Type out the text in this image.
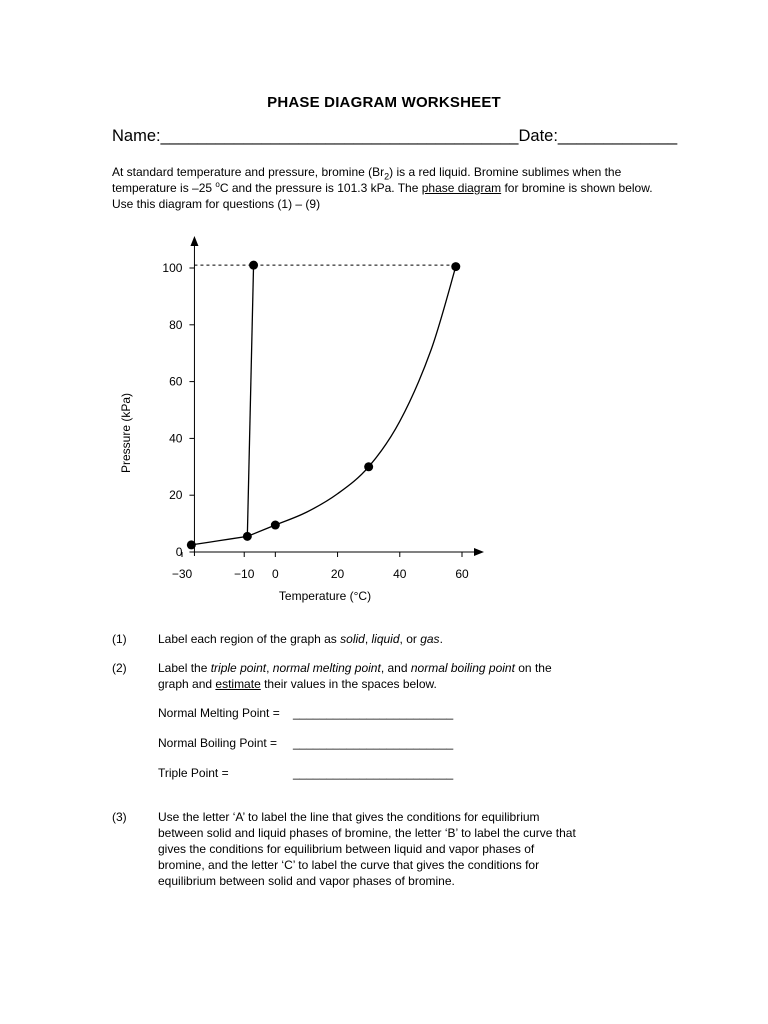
PHASE DIAGRAM WORKSHEET
Name:_______________________________________Date:_____________

At standard temperature and pressure, bromine $(Br_2)$ is a red liquid. Bromine sublimes when the temperature is –25 $^o$C and the pressure is 101.3 kPa. The phase diagram for bromine is shown below. Use this diagram for questions (1) – (9)

0
20
40
60
80
100
−30	−10 0	20	40	60
Pressure (kPa)
Temperature (°C)
(1)	Label each region of the graph as solid, liquid, or gas.
(2)	Label the triple point, normal melting point, and normal boiling point on the graph and estimate their values in the spaces below.
Normal Melting Point = ________________________
Normal Boiling Point = ________________________
Triple Point =	________________________
(3)	Use the letter ‘A’ to label the line that gives the conditions for equilibrium between solid and liquid phases of bromine, the letter ‘B’ to label the curve that gives the conditions for equilibrium between liquid and vapor phases of bromine, and the letter ‘C’ to label the curve that gives the conditions for equilibrium between solid and vapor phases of bromine.
